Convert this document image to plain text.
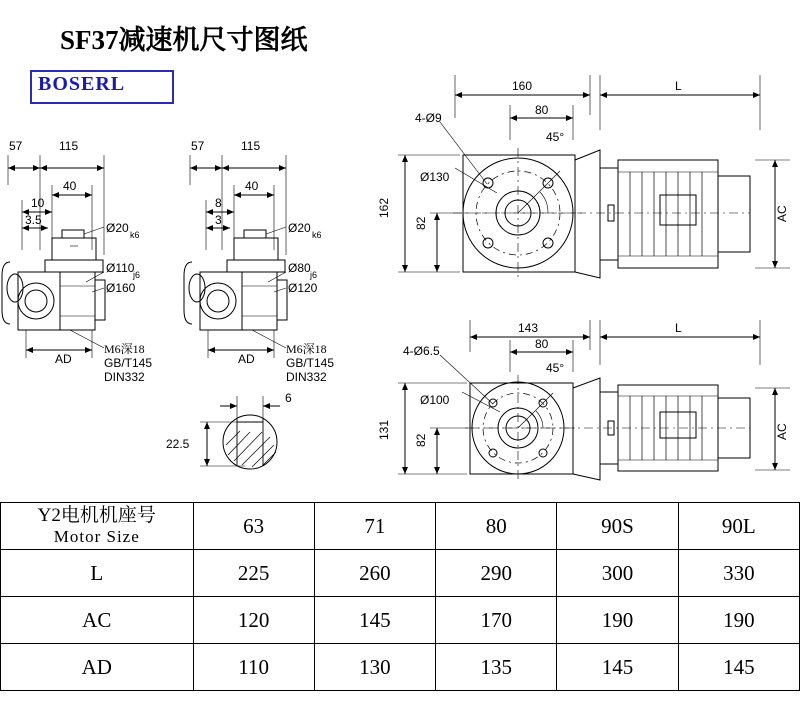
SF37减速机尺寸图纸
BOSERL
57	115
40
10
3.5
Ø20 k6
Ø110
j6
Ø160
AD
M6深18
GB/T145
DIN332
57	115
40
8
3
Ø20 k6
Ø80 j6
Ø120
AD
M6深18
GB/T145
DIN332
6
22.5
160	L
80
4-Ø9
45°
Ø130
162
82
AC
143	L
80
4-Ø6.5
45°
Ø100
131
82
AC
Y2电机机座号
Motor Size	63	71	80	90S	90L
L	225	260	290	300	330
AC	120	145	170	190	190
AD	110	130	135	145	145
